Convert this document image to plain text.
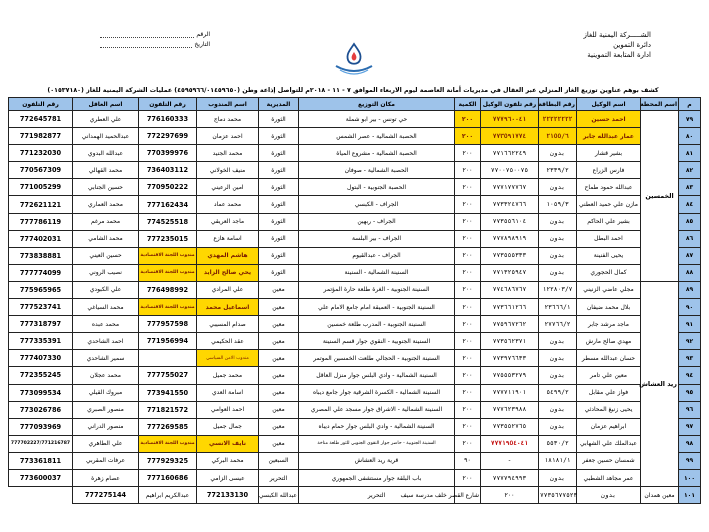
الشـــــركة اليمنية للغاز
دائرة التموين
ادارة المتابعة التموينية
الرقم
التاريخ
كشف بوهم عناوين توزيع الغاز المنزلي عبر العقال في مديريات أمانة العاصمة ليوم الاربعاء الموافق ٧ - ١١ - ٢٠١٨م للتواصل إذاعة وطن (٤٥٩٥٩٦٦/٠١٤٥٩٦٥٠) عمليات الشركة اليمنية للغاز (٠١٥٣٧١٨٠)
م	اسم المحطة	اسم الوكيل	رقم البطاقة	رقم تلفون الوكيل	الكمية	مكان التوزيع	المديرية	اسم المندوب	رقم التلفون	اسم العاقل	رقم التلفون
٧٩	الخمسين	احمد حسين	٢٢٢٢٢٢٢٢	٧٧٧٩٦٠٠٤١	٢٠٠	حي تونس - بير ابو شملة	الثورة	محمد دماج	776160333	علي العطري	772645781
٨٠		عمار عبدالله جابر	٢١٥٥/٦	٧٧٣٥٩١٧٧٤	٢٠٠	الحصبة الشمالية - عصر الشمس	الثورة	احمد عزمان	772297699	عبدالحميد الهمداني	771982877
٨١		بشير قشار	بدون	٧٧١٦٦٢٢٤٩	٢٠٠	الحصبة الشمالية - مشروع المياة	الثورة	محمد الجنيد	770399976	عبدالله البدوي	771232030
٨٢		فارس الزراع	٢٣٣٩/٢	٧٧٠٠٧٥٠٠٧٥	٢٠٠	الحصبة الشمالية - صوفان	الثورة	منيف الخولاني	736403112	محمد القهالي	770567309
٨٣		عبدالله حمود طماح	بدون	٧٧٧١٧٧٧٦٧	٢٠٠	الحصبة الجنوبية - البتول	الثورة	امين الرعيني	770950222	حسين الجنابي	771005299
٨٤		مازن علي حميد العطني	١٠٥٩/٣	٧٧٣٣٢٤٧٦٦	٢٠٠	الجراف - الكبسي	الثورة	محمد عماد	777162434	محمد العماري	772621121
٨٥		بشير علي الحاكم	بدون	٧٧٣٥٥٦١٠٤	٢٠٠	الجراف - ربهين	الثورة	ماجد العريقي	774525518	محمد مرغم	777786119
٨٦		احمد البطل	بدون	٧٧٧٨٩٨٩١٩	٢٠٠	الجراف - بير البلسة	الثورة	اسامة هازع	777235015	محمد الشامي	777402031
٨٧		يحيى الفنينة	بدون	٧٧٣٥٥٥٣٣٣	٢٠٠	الجراف - عبدالقيوم	الثورة	هاشم المهدي	مندوب اللجنة الاقتصادية	حسين العيني	773838881
٨٨		كمال الحجوري	بدون	٧٧١٣٢٥٩٤٧	٢٠٠	السنينة الشمالية - السنينة	الثورة	يحي صالح الزايد	مندوب اللجنة الاقتصادية	نصيب الروني	777774099
٨٩	ريد العشاش	مجلي عاضي الزنيني	١٢٢٨٠٣/٧	٧٧٤٦٨٦٧٦٧	٢٠٠	السنينة الجنوبية - الغرة طلعة حارة المؤتمر	معين	علي المرادي	776498992	علي الكبودي	775965965
٩٠		بلال محمد ضيفان	٢٣٦٦٦/١	٧٧٣٦٦١٢٦٦	٢٠٠	السنينة الجنوبية - العميقة امام جامع الامام علي	معين	اسماعيل محمد	مندوب اللجنة الاقتصادية	محمد السياغي	777523741
٩١		ماجد مرشد جابر	٢٧٧٦٦/٢	٧٧٥٩٦٧٢٦٢	٢٠٠	السنينة الجنوبية - المدرب طلعة خمسين	معين	صدام المسيبي	777957598	محمد عبده	777318797
٩٢		مهدي صالح مارش	بدون	٧٧٣٥٦٢٣٧١	٢٠٠	السنينة الجنوبية - النقوي جوار قسم السنينة	معين	عقد الحكيمي	771956994	احمد الشاحدي	777335391
٩٣		حسان عبدالله مسطر	بدون	٧٧٣٩٧٦٦٣٣	٢٠٠	السنينة الجنوبية - الحجالي طلعت الخمسين الموتمر	معين	مندوب الامن السياسي		سمير الشاحدي	777407330
٩٤		معين علي تامر	بدون	٧٧٥٥٥٣٢٧٩	٢٠٠	السنينة الشمالية - وادي البلس جوار منزل العاقل	معين	محمد جميل	777755027	محمد عجلان	772355245
٩٥		فواز علي مقابل	٥٤٩٩/٢	٧٧٧٧١١٩٠١	٢٠٠	السنينة الشمالية - الكسرة الشرقية جوار جامع ديباه	معين	اسامة العدي	773941550	مبروك القيلي	773099534
٩٦		يحيى زنيغ المحادثي	بدون	٧٧٧٦٢٣٩٨٨	٢٠٠	السنينة الشمالية - الاشراق جوار مسجد علي المصري	معين	احمد العوامي	771821572	منصور الصبري	773026786
٩٧		ابراهيم عزمان	بدون	٧٧٣٥٥٢٧٦٥	٢٠٠	السنينة الشمالية - وادي البلس جوار حمام ديباه	معين	جمال جميل	777269585	منصور الدراني	777093969
٩٨		عبدالملك علي الشهابي	٥٥٣٠/٢	٧٧٧١٩٥٤٠٤١	٢٠٠	السنينة الجنوبية - حاضر جوار النقوي الجنوبي للثور طلعة مناخة	معين	نايف الانسي	مندوب اللجنة الاقتصادية	علي الطاهري	777702227/771216787
٩٩		شمسان حسين جعفر	١٨١٨١/١	-	٩٠	قرية ريد العشاش	السبعين	محمد البركي	777929325	عرفات المقربي	773361811
١٠٠		عمر مجاهد الشطبي	بدون	٧٧٧٧٩٤٩٩٣	٢٠٠	باب البلقة جوار مستشفى الجمهوري	التحرير	عيسى الزامي	777160686	عصام زهرة	773600037
١٠١	معين همدان	بدون	٧٧٣٥٦٧٧٥٢٣	٢٠٠	شارع القصر خلف مدرسة سيف	التحرير	عبدالله الكبسي	772133130	عبدالكريم ابراهيم	777275144	
